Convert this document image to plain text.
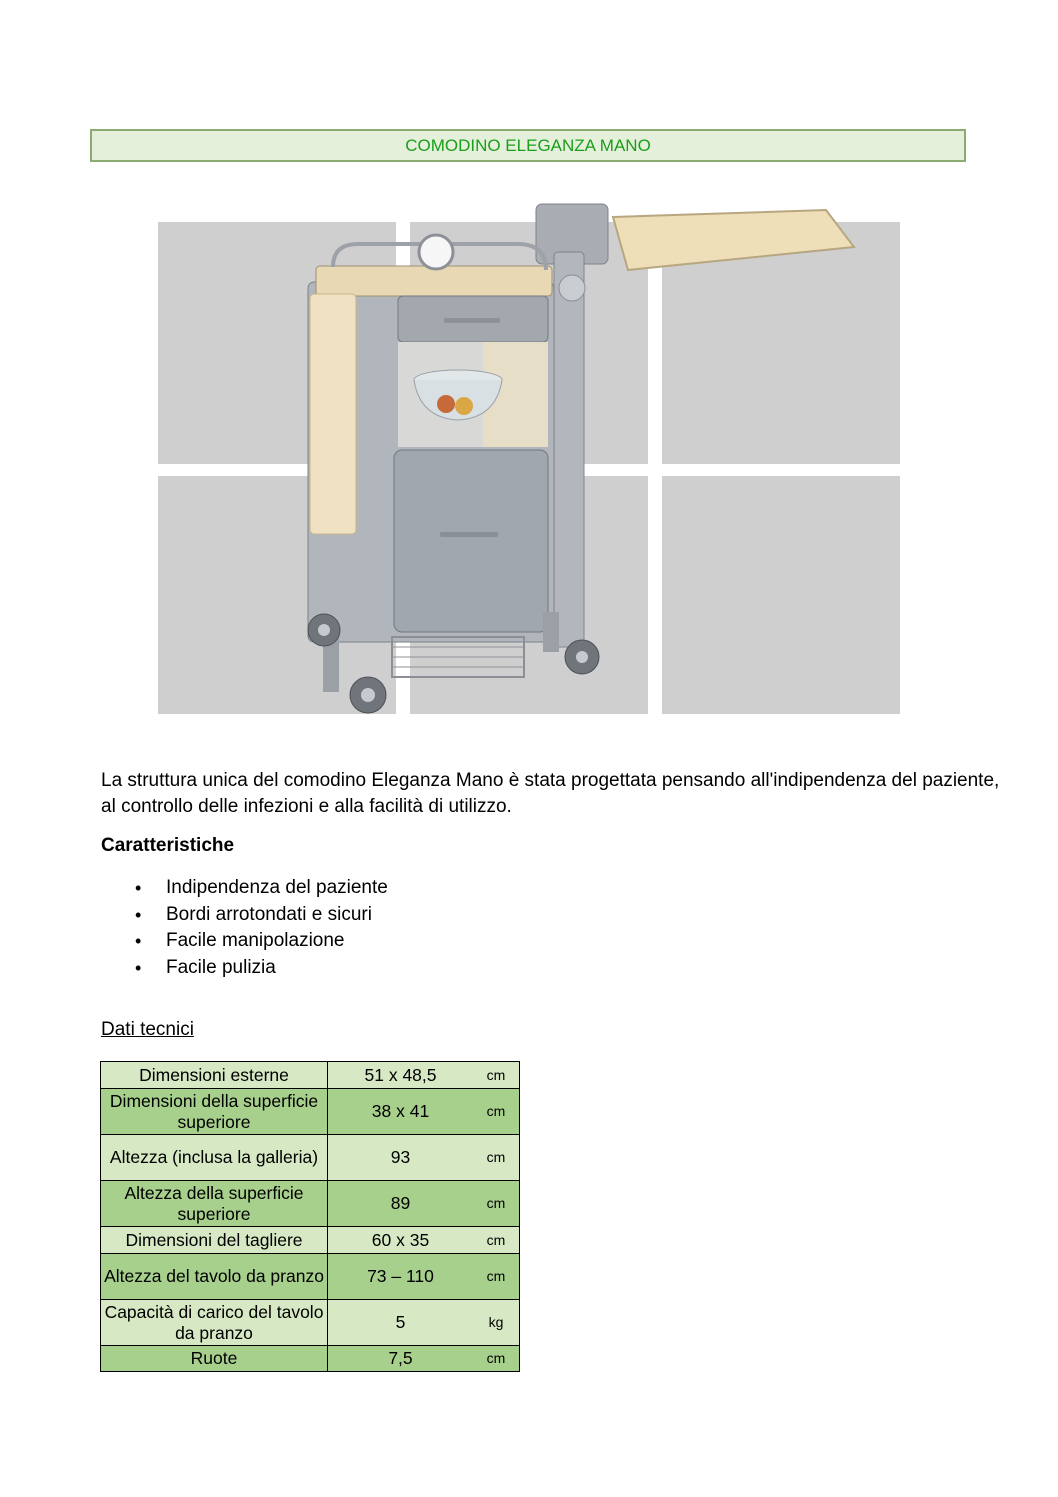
COMODINO ELEGANZA MANO
La struttura unica del comodino Eleganza Mano è stata progettata pensando all'indipendenza del paziente, al controllo delle infezioni e alla facilità di utilizzo.
Caratteristiche
• Indipendenza del paziente
• Bordi arrotondati e sicuri
• Facile manipolazione
• Facile pulizia
Dati tecnici
Dimensioni esterne	51 x 48,5	cm
Dimensioni della superficie superiore	38 x 41	cm
Altezza (inclusa la galleria)	93	cm
Altezza della superficie superiore	89	cm
Dimensioni del tagliere	60 x 35	cm
Altezza del tavolo da pranzo	73 – 110	cm
Capacità di carico del tavolo da pranzo	5	kg
Ruote	7,5	cm
